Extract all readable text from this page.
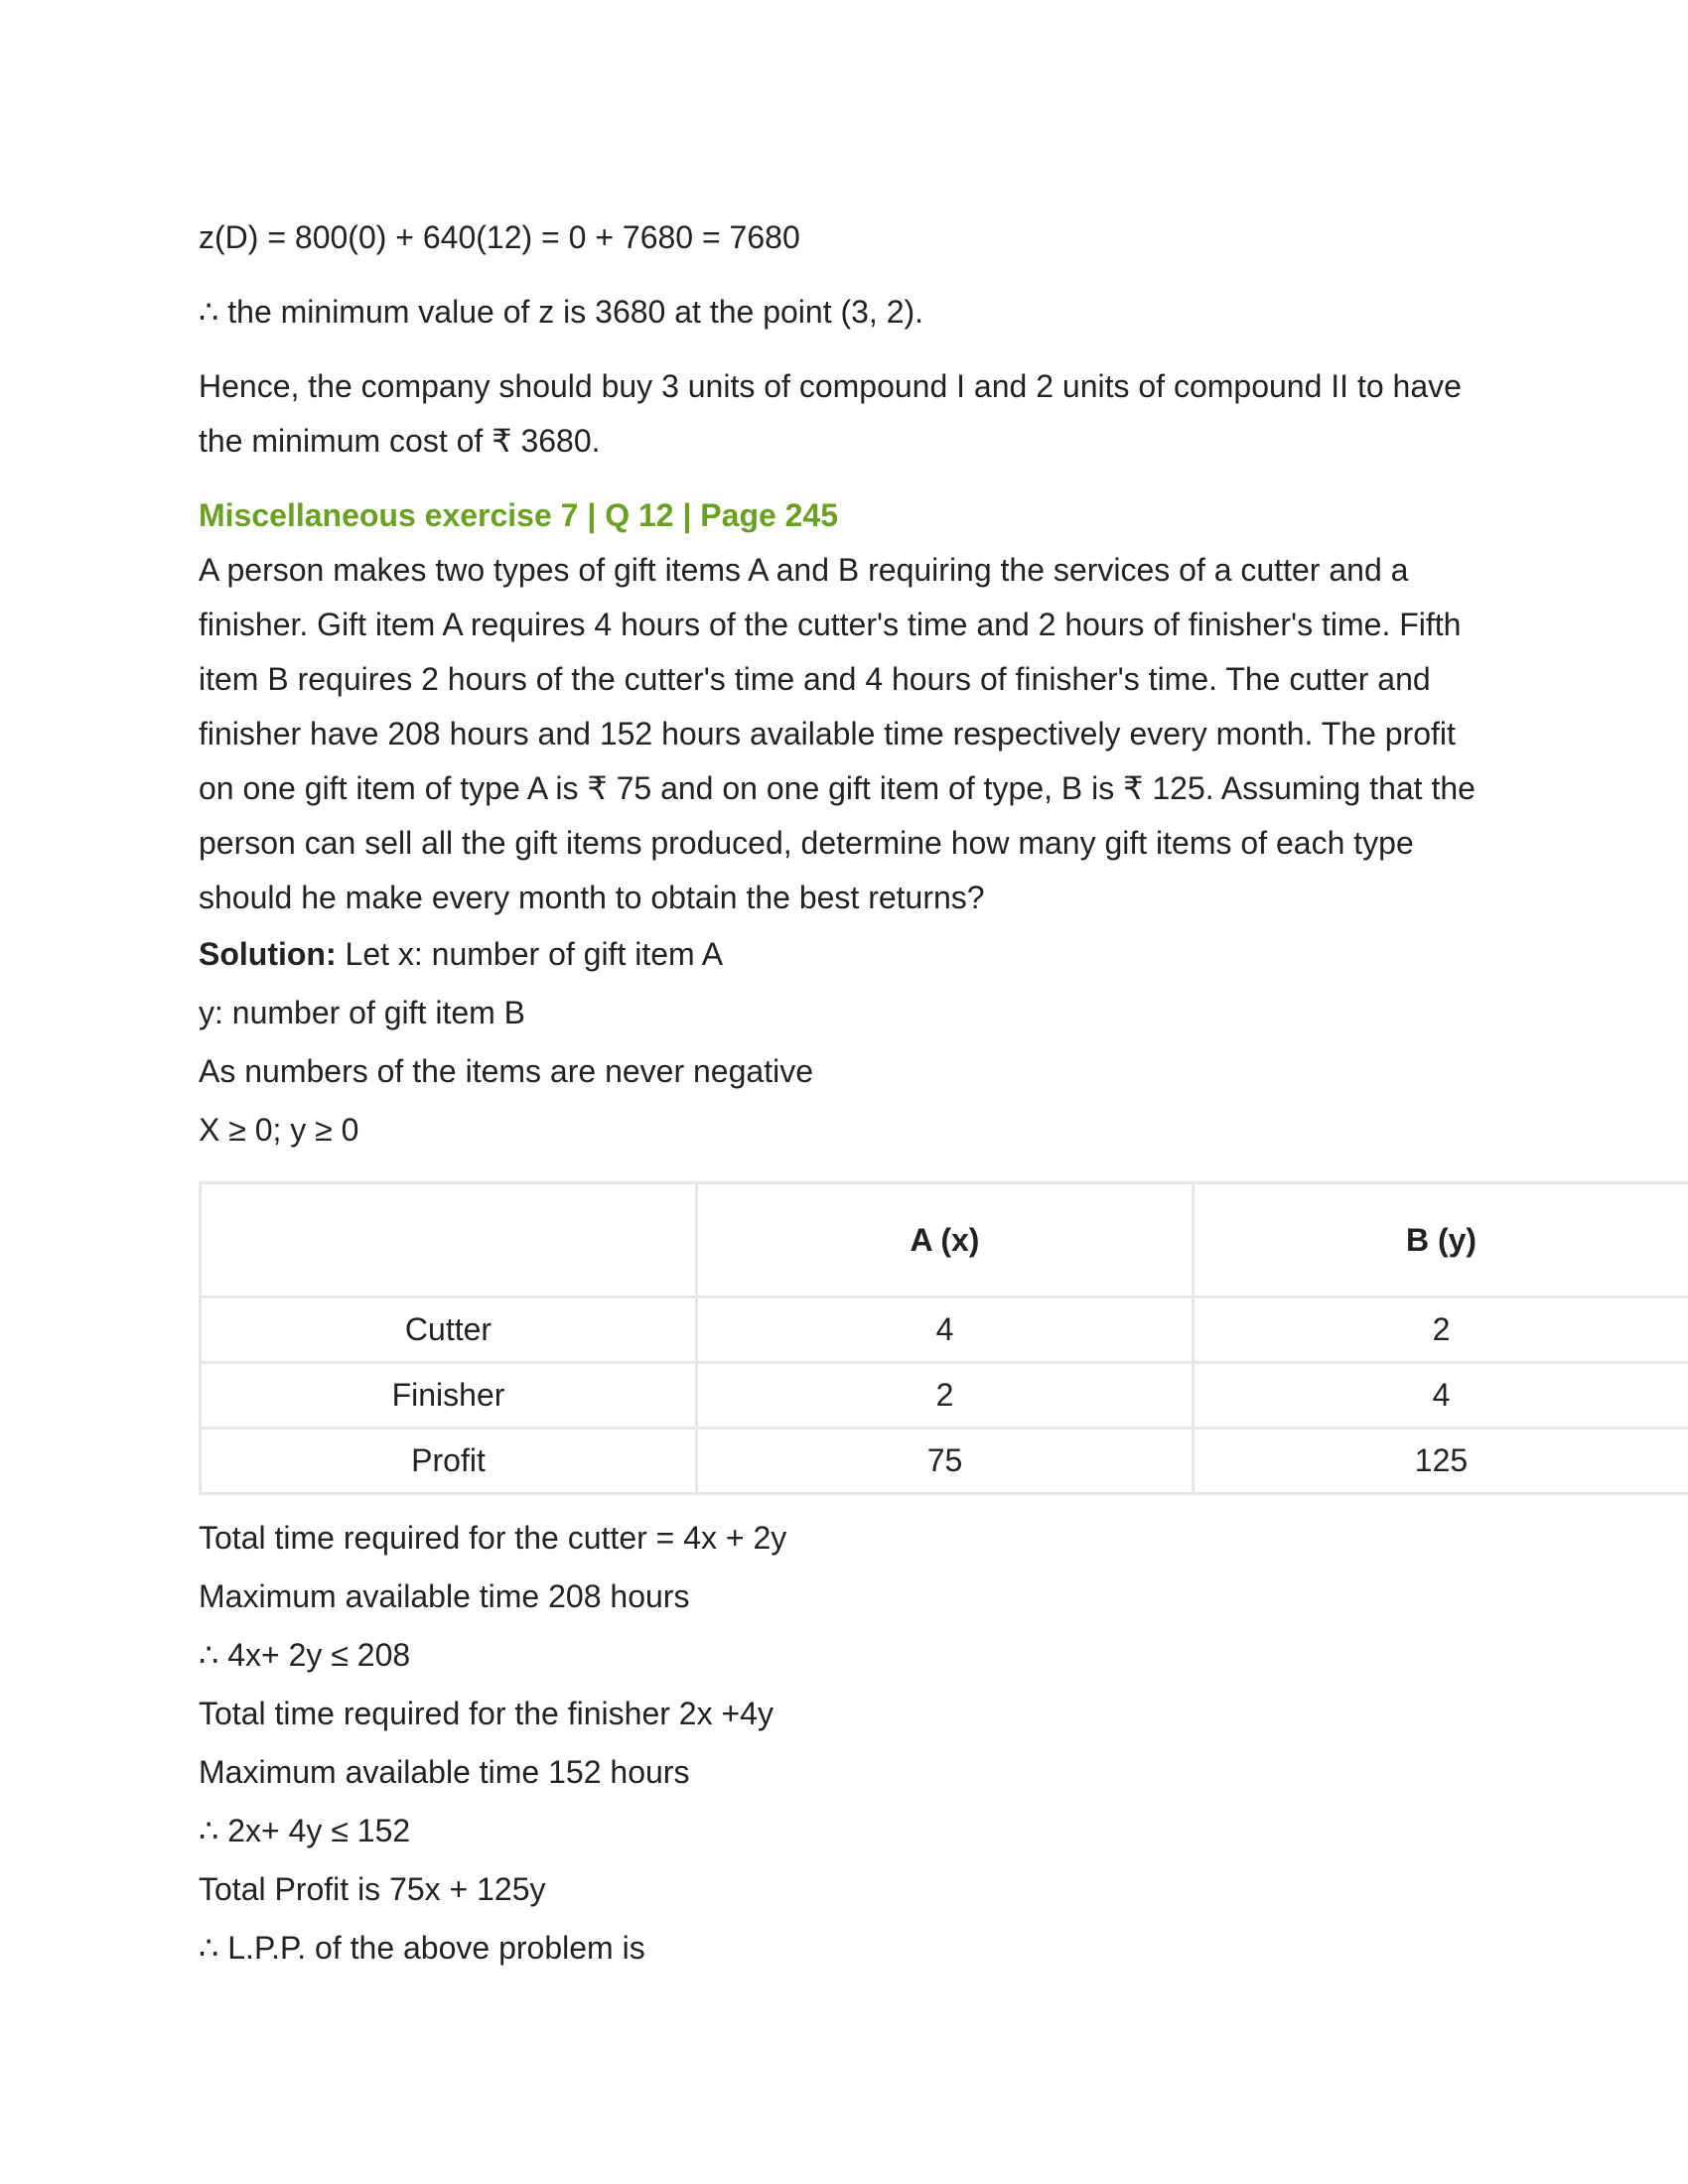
z(D) = 800(0) + 640(12) = 0 + 7680 = 7680

∴ the minimum value of z is 3680 at the point (3, 2).

Hence, the company should buy 3 units of compound I and 2 units of compound II to have the minimum cost of ₹ 3680.

Miscellaneous exercise 7 | Q 12 | Page 245

A person makes two types of gift items A and B requiring the services of a cutter and a finisher. Gift item A requires 4 hours of the cutter's time and 2 hours of finisher's time. Fifth item B requires 2 hours of the cutter's time and 4 hours of finisher's time. The cutter and finisher have 208 hours and 152 hours available time respectively every month. The profit on one gift item of type A is ₹ 75 and on one gift item of type, B is ₹ 125. Assuming that the person can sell all the gift items produced, determine how many gift items of each type should he make every month to obtain the best returns?

Solution: Let x: number of gift item A

y: number of gift item B

As numbers of the items are never negative

X ≥ 0; y ≥ 0

	A (x)	B (y)
Cutter	4	2
Finisher	2	4
Profit	75	125

Total time required for the cutter = 4x + 2y

Maximum available time 208 hours

∴ 4x+ 2y ≤ 208

Total time required for the finisher 2x +4y

Maximum available time 152 hours

∴ 2x+ 4y ≤ 152

Total Profit is 75x + 125y

∴ L.P.P. of the above problem is
